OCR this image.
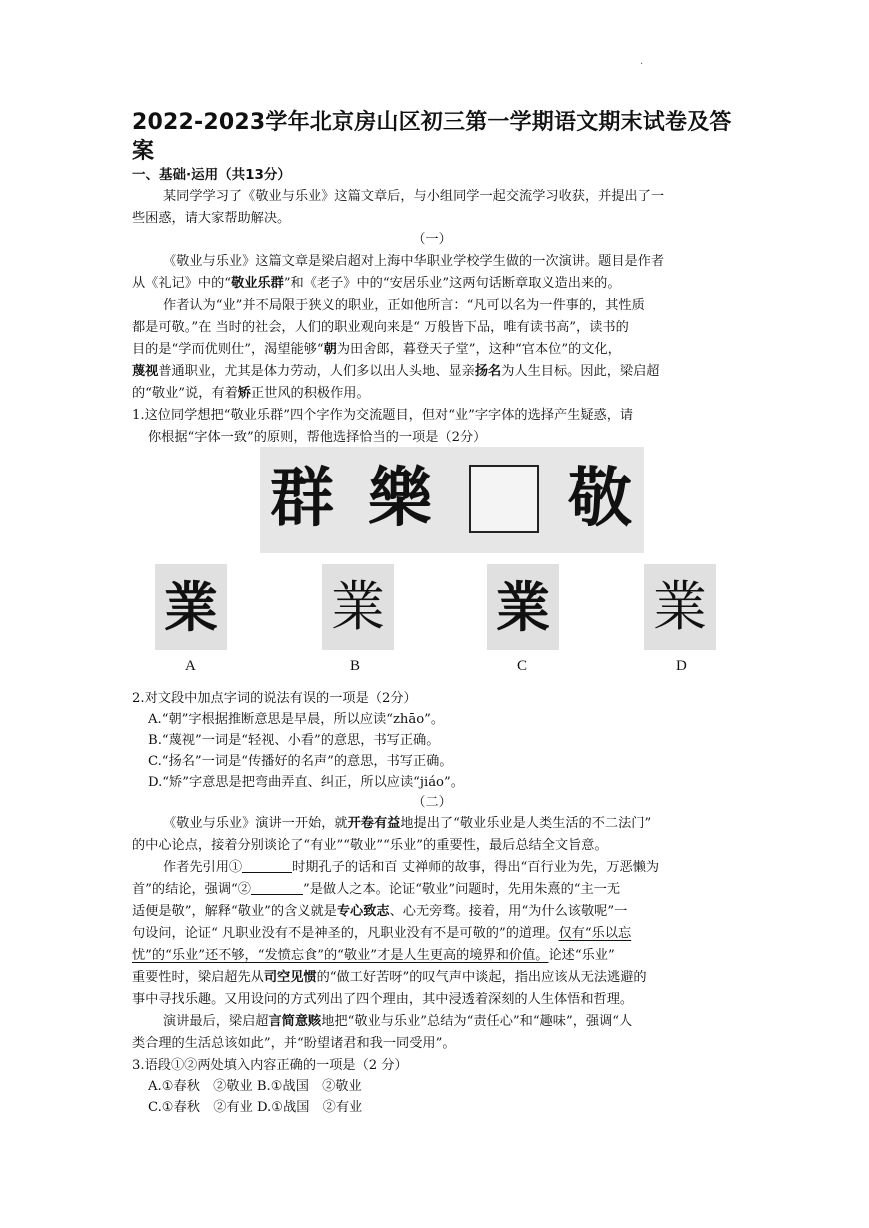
.
2022-2023学年北京房山区初三第一学期语文期末试卷及答案
一、基础·运用（共13分）
某同学学习了《敬业与乐业》这篇文章后，与小组同学一起交流学习收获，并提出了一
些困惑，请大家帮助解决。
（一）
《敬业与乐业》这篇文章是梁启超对上海中华职业学校学生做的一次演讲。题目是作者
从《礼记》中的“敬业乐群”和《老子》中的“安居乐业”这两句话断章取义造出来的。
作者认为“业”并不局限于狭义的职业，正如他所言：“凡可以名为一件事的，其性质
都是可敬。”在 当时的社会，人们的职业观向来是“ 万般皆下品，唯有读书高”，读书的
目的是“学而优则仕”，渴望能够“朝为田舍郎，暮登天子堂”，这种“官本位”的文化，
蔑视普通职业，尤其是体力劳动，人们多以出人头地、显亲扬名为人生目标。因此，梁启超
的“敬业”说，有着矫正世风的积极作用。
1.这位同学想把“敬业乐群”四个字作为交流题目，但对“业”字字体的选择产生疑惑，请
你根据“字体一致”的原则，帮他选择恰当的一项是（2分）
群 樂 敬
業 業 業 業
A	B	C	D
2.对文段中加点字词的说法有误的一项是（2分）
A.“朝”字根据推断意思是早晨，所以应读“zhāo”。
B.“蔑视”一词是“轻视、小看”的意思，书写正确。
C.“扬名”一词是“传播好的名声”的意思，书写正确。
D.“矫”字意思是把弯曲弄直、纠正，所以应读“jiáo”。
（二）
《敬业与乐业》演讲一开始，就开卷有益地提出了“敬业乐业是人类生活的不二法门”
的中心论点，接着分别谈论了“有业”“敬业”“乐业”的重要性，最后总结全文旨意。
作者先引用①	时期孔子的话和百 丈禅师的故事，得出“百行业为先，万恶懒为
首”的结论，强调“②	”是做人之本。论证“敬业”问题时，先用朱熹的“主一无
适便是敬”，解释“敬业”的含义就是专心致志、心无旁骛。接着，用“为什么该敬呢”一
句设问，论证“ 凡职业没有不是神圣的，凡职业没有不是可敬的”的道理。仅有“乐以忘
忧”的“乐业”还不够，“发愤忘食”的“敬业”才是人生更高的境界和价值。论述“乐业”
重要性时，梁启超先从司空见惯的“做工好苦呀”的叹气声中谈起，指出应该从无法逃避的
事中寻找乐趣。又用设问的方式列出了四个理由，其中浸透着深刻的人生体悟和哲理。
演讲最后，梁启超言简意赅地把“敬业与乐业”总结为“责任心”和“趣味”，强调“人
类合理的生活总该如此”，并“盼望诸君和我一同受用”。
3.语段①②两处填入内容正确的一项是（2 分）
A.①春秋　②敬业 B.①战国　②敬业
C.①春秋　②有业 D.①战国　②有业
